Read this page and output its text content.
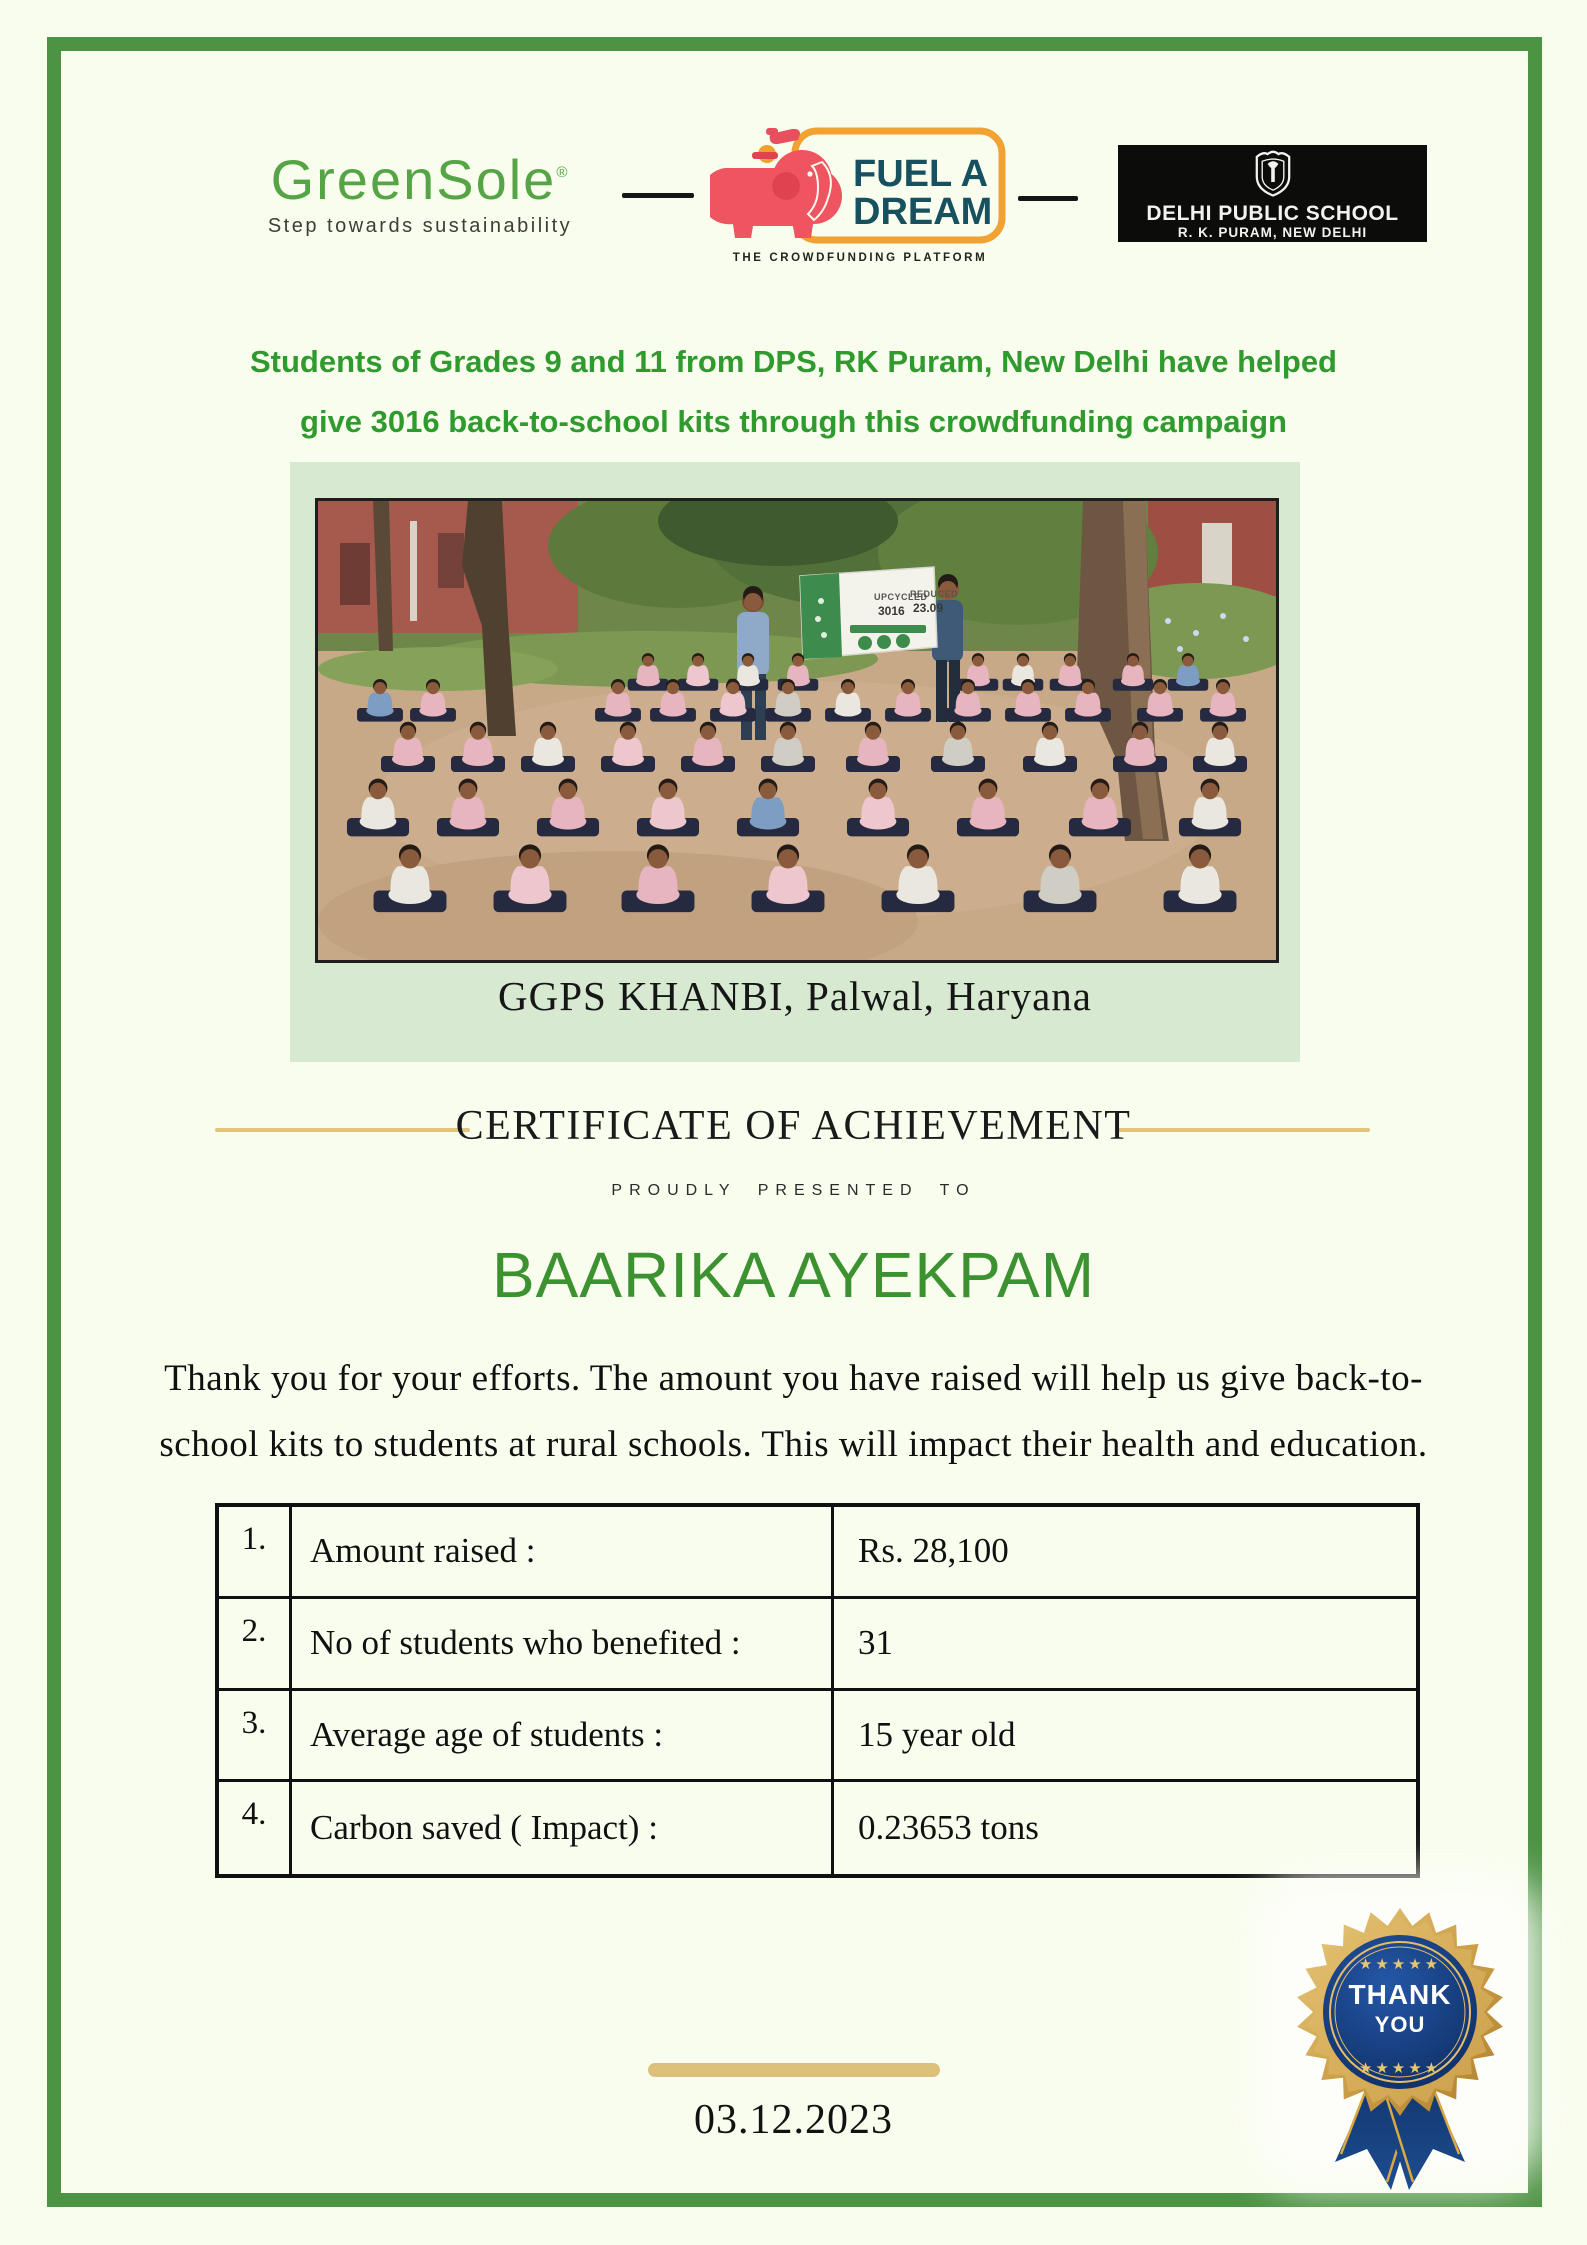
GreenSole®
Step towards sustainability
FUEL A
DREAM
THE CROWDFUNDING PLATFORM
DELHI PUBLIC SCHOOL
R. K. PURAM, NEW DELHI
Students of Grades 9 and 11 from DPS, RK Puram, New Delhi have helped
give 3016 back-to-school kits through this crowdfunding campaign
UPCYCLED
3016
REDUCED
23.09
GGPS KHANBI, Palwal, Haryana
CERTIFICATE OF ACHIEVEMENT
PROUDLY PRESENTED TO
BAARIKA AYEKPAM
Thank you for your efforts. The amount you have raised will help us give back-to-
school kits to students at rural schools. This will impact their health and education.
1.	Amount raised :	Rs. 28,100
2.	No of students who benefited :	31
3.	Average age of students :	15 year old
4.	Carbon saved ( Impact) :	0.23653 tons
★★★★★
THANK
YOU
★★★★★
03.12.2023
